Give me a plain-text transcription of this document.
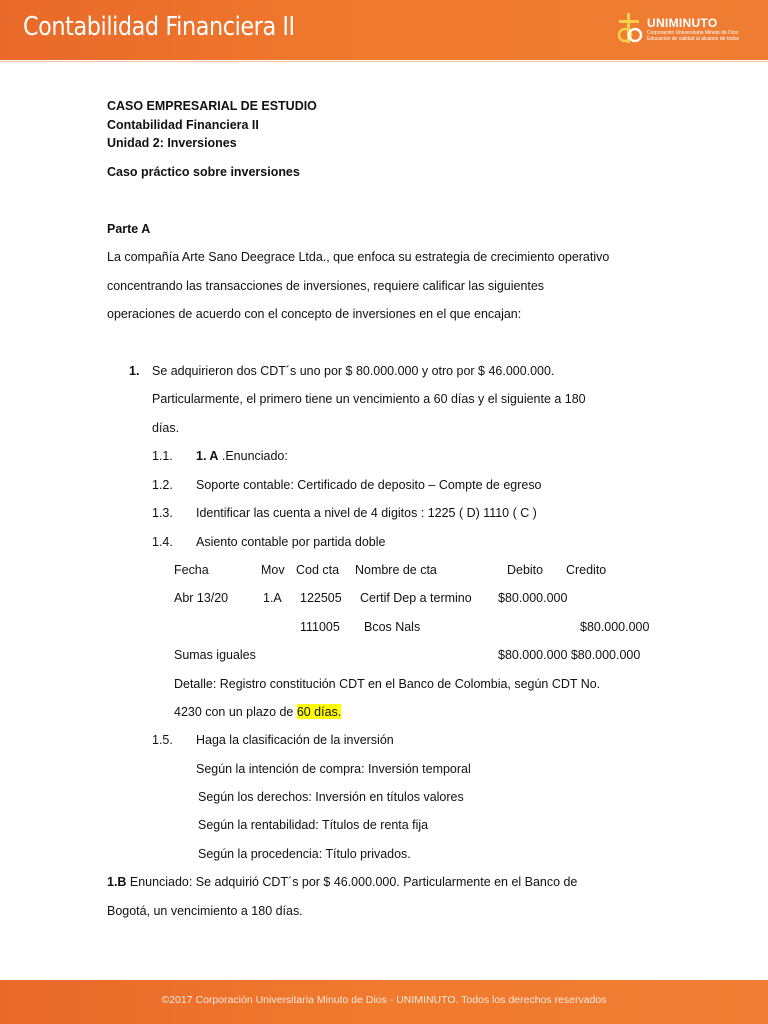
Contabilidad Financiera II	UNIMINUTO
Corporación Universitaria Minuto de Dios
Educación de calidad al alcance de todos
CASO EMPRESARIAL DE ESTUDIO
Contabilidad Financiera II
Unidad 2: Inversiones
Caso práctico sobre inversiones
Parte A
La compañía Arte Sano Deegrace Ltda., que enfoca su estrategia de crecimiento operativo
concentrando las transacciones de inversiones, requiere calificar las siguientes
operaciones de acuerdo con el concepto de inversiones en el que encajan:
1. Se adquirieron dos CDT´s uno por $ 80.000.000 y otro por $ 46.000.000.
Particularmente, el primero tiene un vencimiento a 60 días y el siguiente a 180
días.
1.1. 1. A .Enunciado:
1.2. Soporte contable: Certificado de deposito – Compte de egreso
1.3. Identificar las cuenta a nivel de 4 digitos : 1225 ( D) 1110 ( C )
1.4. Asiento contable por partida doble
Fecha	Mov Cod cta Nombre de cta	Debito Credito
Abr 13/20	1.A 122505 Certif Dep a termino $80.000.000
111005 Bcos Nals	$80.000.000
Sumas iguales	$80.000.000 $80.000.000
Detalle: Registro constitución CDT en el Banco de Colombia, según CDT No.
4230 con un plazo de 60 días.
1.5. Haga la clasificación de la inversión
Según la intención de compra: Inversión temporal
Según los derechos: Inversión en títulos valores
Según la rentabilidad: Títulos de renta fija
Según la procedencia: Título privados.
1.B Enunciado: Se adquirió CDT´s por $ 46.000.000. Particularmente en el Banco de
Bogotá, un vencimiento a 180 días.
©2017 Corporación Universitaria Minuto de Dios - UNIMINUTO. Todos los derechos reservados
